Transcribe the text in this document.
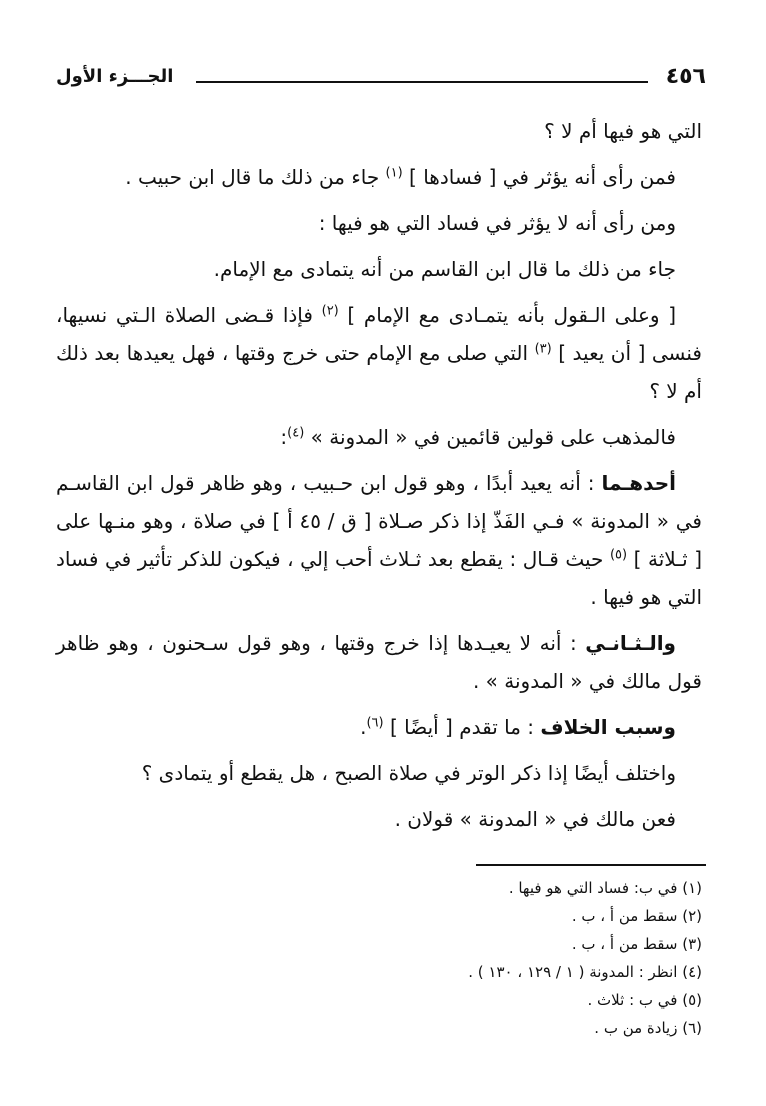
٤٥٦
الجـــزء الأول

التي هو فيها أم لا ؟

فمن رأى أنه يؤثر في [ فسادها ] $^{(١)}$ جاء من ذلك ما قال ابن حبيب .

ومن رأى أنه لا يؤثر في فساد التي هو فيها :

جاء من ذلك ما قال ابن القاسم من أنه يتمادى مع الإمام.

[ وعلى الـقول بأنه يتمـادى مع الإمام ] $^{(٢)}$ فإذا قـضى الصلاة الـتي نسيها، فنسى [ أن يعيد ] $^{(٣)}$ التي صلى مع الإمام حتى خرج وقتها ، فهل يعيدها بعد ذلك أم لا ؟

فالمذهب على قولين قائمين في « المدونة » $^{(٤)}$:

أحدهـما : أنه يعيد أبدًا ، وهو قول ابن حـبيب ، وهو ظاهر قول ابن القاسـم في « المدونة » فـي الفَذّ إذا ذكر صـلاة [ ق / ٤٥ أ ] في صلاة ، وهو منـها على [ ثـلاثة ] $^{(٥)}$ حيث قـال : يقطع بعد ثـلاث أحب إلي ، فيكون للذكر تأثير في فساد التي هو فيها .

والـثـانـي : أنه لا يعيـدها إذا خرج وقتها ، وهو قول سـحنون ، وهو ظاهر قول مالك في « المدونة » .

وسبب الخلاف : ما تقدم [ أيضًا ] $^{(٦)}$.

واختلف أيضًا إذا ذكر الوتر في صلاة الصبح ، هل يقطع أو يتمادى ؟

فعن مالك في « المدونة » قولان .

(١) في ب: فساد التي هو فيها .
(٢) سقط من أ ، ب .
(٣) سقط من أ ، ب .
(٤) انظر : المدونة ( ١ / ١٢٩ ، ١٣٠ ) .
(٥) في ب : ثلاث .
(٦) زيادة من ب .
